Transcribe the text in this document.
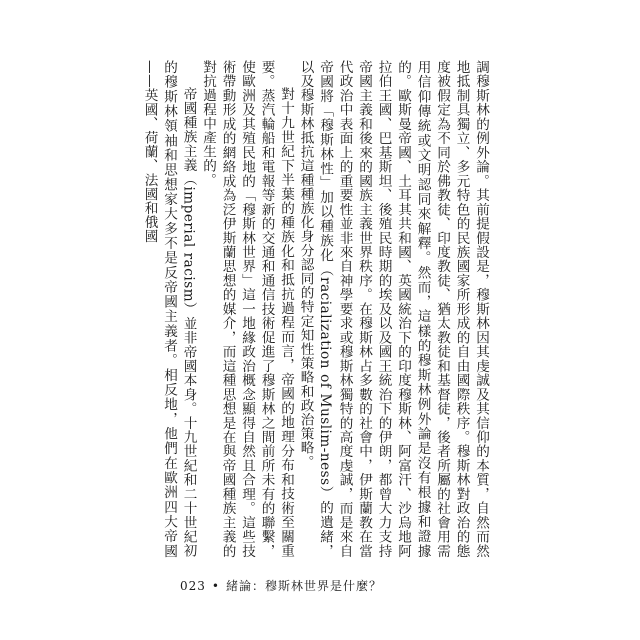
調穆斯林的例外論。其前提假設是，穆斯林因其虔誠及其信仰的本質，自然而然地抵制具獨立、多元特色的民族國家所形成的自由國際秩序。穆斯林對政治的態度被假定為不同於佛教徒、印度教徒、猶太教徒和基督徒，後者所屬的社會用需用信仰傳統或文明認同來解釋。然而，這樣的穆斯林例外論是沒有根據和證據的。歐斯曼帝國、土耳其共和國、英國統治下的印度穆斯林、阿富汗、沙烏地阿拉伯王國、巴基斯坦、後殖民時期的埃及以及國王統治下的伊朗，都曾大力支持帝國主義和後來的國族主義世界秩序。在穆斯林占多數的社會中，伊斯蘭教在當代政治中表面上的重要性並非來自神學要求或穆斯林獨特的高度虔誠，而是來自帝國將「穆斯林性」加以種族化（racialization of Muslim-ness）的遺緒，以及穆斯林抵抗這種種族化身分認同的特定知性策略和政治策略。

對十九世紀下半葉的種族化和抵抗過程而言，帝國的地理分布和技術至關重要。蒸汽輪船和電報等新的交通和通信技術促進了穆斯林之間前所未有的聯繫，使歐洲及其殖民地的「穆斯林世界」這一地緣政治概念顯得自然且合理。這些技術帶動形成的網絡成為泛伊斯蘭思想的媒介，而這種思想是在與帝國種族主義的對抗過程中產生的。

帝國種族主義（imperial racism）並非帝國本身。十九世紀和二十世紀初的穆斯林領袖和思想家大多不是反帝國主義者。相反地，他們在歐洲四大帝國——英國、荷蘭、法國和俄國

023 • 緒論：穆斯林世界是什麼？
